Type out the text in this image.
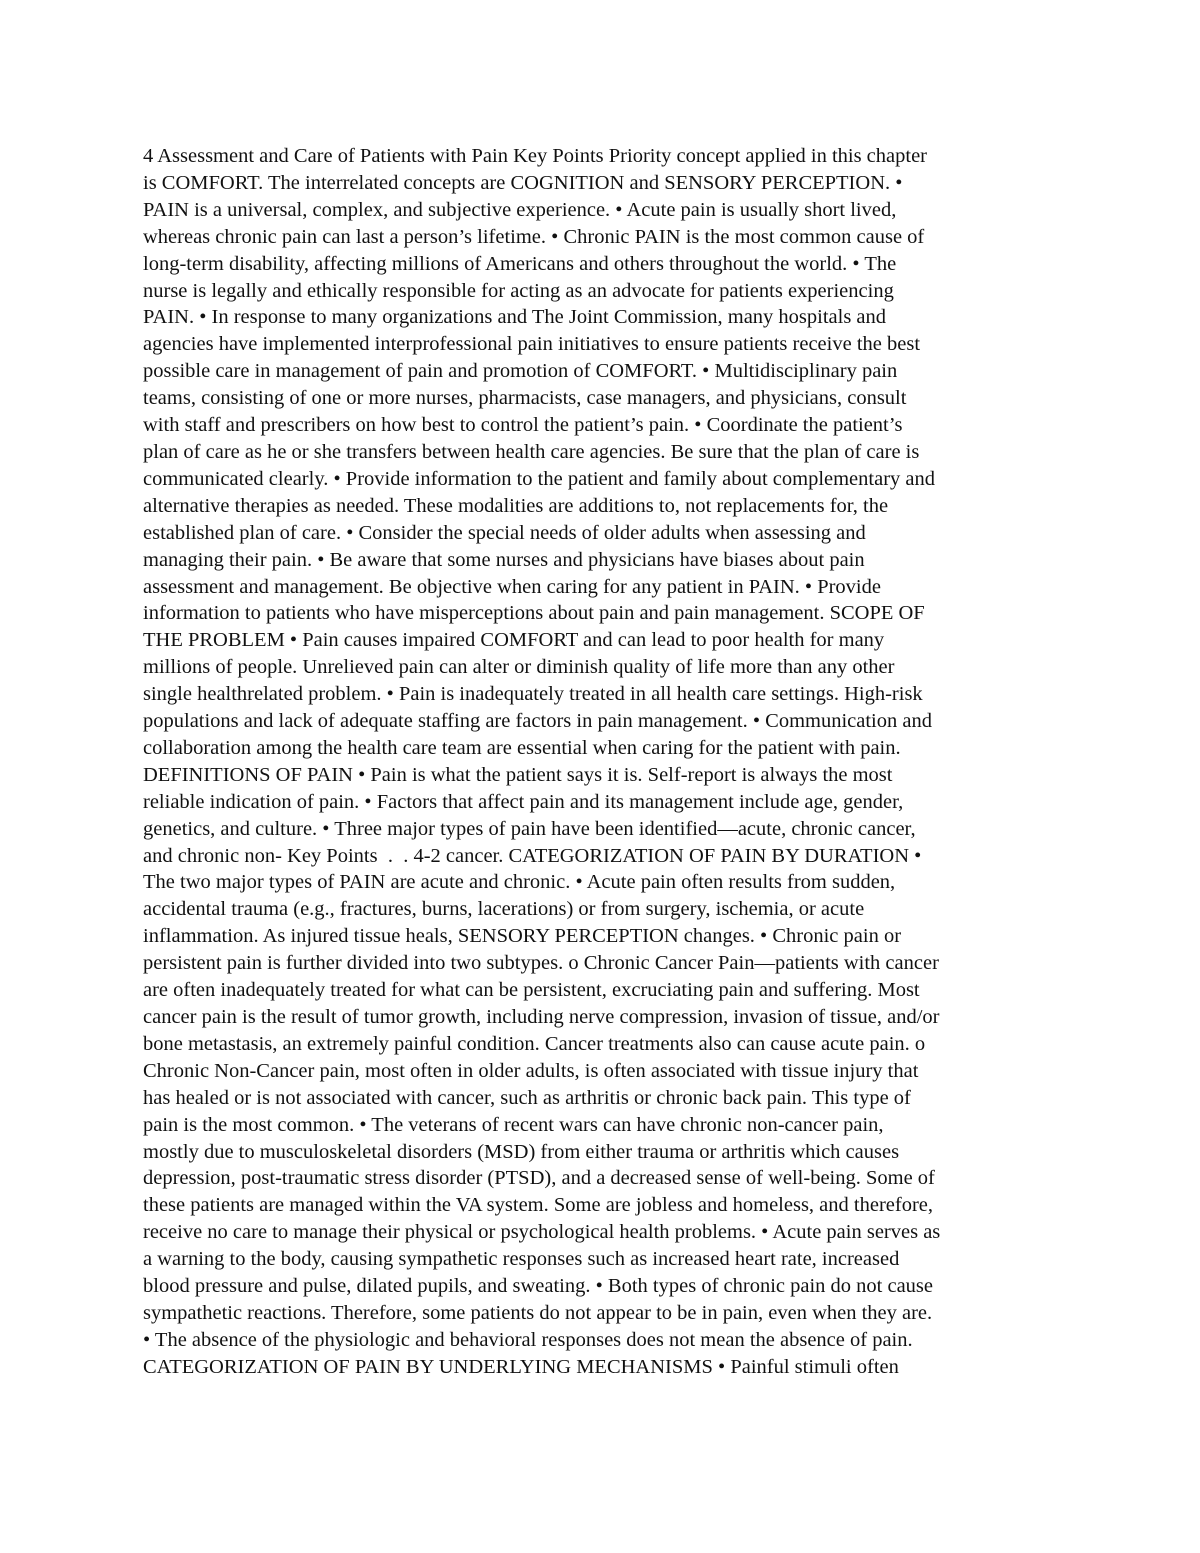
4 Assessment and Care of Patients with Pain Key Points Priority concept applied in this chapter
is COMFORT. The interrelated concepts are COGNITION and SENSORY PERCEPTION. •
PAIN is a universal, complex, and subjective experience. • Acute pain is usually short lived,
whereas chronic pain can last a person’s lifetime. • Chronic PAIN is the most common cause of
long-term disability, affecting millions of Americans and others throughout the world. • The
nurse is legally and ethically responsible for acting as an advocate for patients experiencing
PAIN. • In response to many organizations and The Joint Commission, many hospitals and
agencies have implemented interprofessional pain initiatives to ensure patients receive the best
possible care in management of pain and promotion of COMFORT. • Multidisciplinary pain
teams, consisting of one or more nurses, pharmacists, case managers, and physicians, consult
with staff and prescribers on how best to control the patient’s pain. • Coordinate the patient’s
plan of care as he or she transfers between health care agencies. Be sure that the plan of care is
communicated clearly. • Provide information to the patient and family about complementary and
alternative therapies as needed. These modalities are additions to, not replacements for, the
established plan of care. • Consider the special needs of older adults when assessing and
managing their pain. • Be aware that some nurses and physicians have biases about pain
assessment and management. Be objective when caring for any patient in PAIN. • Provide
information to patients who have misperceptions about pain and pain management. SCOPE OF
THE PROBLEM • Pain causes impaired COMFORT and can lead to poor health for many
millions of people. Unrelieved pain can alter or diminish quality of life more than any other
single healthrelated problem. • Pain is inadequately treated in all health care settings. High-risk
populations and lack of adequate staffing are factors in pain management. • Communication and
collaboration among the health care team are essential when caring for the patient with pain.
DEFINITIONS OF PAIN • Pain is what the patient says it is. Self-report is always the most
reliable indication of pain. • Factors that affect pain and its management include age, gender,
genetics, and culture. • Three major types of pain have been identified—acute, chronic cancer,
and chronic non- Key Points  .  . 4-2 cancer. CATEGORIZATION OF PAIN BY DURATION •
The two major types of PAIN are acute and chronic. • Acute pain often results from sudden,
accidental trauma (e.g., fractures, burns, lacerations) or from surgery, ischemia, or acute
inflammation. As injured tissue heals, SENSORY PERCEPTION changes. • Chronic pain or
persistent pain is further divided into two subtypes. o Chronic Cancer Pain—patients with cancer
are often inadequately treated for what can be persistent, excruciating pain and suffering. Most
cancer pain is the result of tumor growth, including nerve compression, invasion of tissue, and/or
bone metastasis, an extremely painful condition. Cancer treatments also can cause acute pain. o
Chronic Non-Cancer pain, most often in older adults, is often associated with tissue injury that
has healed or is not associated with cancer, such as arthritis or chronic back pain. This type of
pain is the most common. • The veterans of recent wars can have chronic non-cancer pain,
mostly due to musculoskeletal disorders (MSD) from either trauma or arthritis which causes
depression, post-traumatic stress disorder (PTSD), and a decreased sense of well-being. Some of
these patients are managed within the VA system. Some are jobless and homeless, and therefore,
receive no care to manage their physical or psychological health problems. • Acute pain serves as
a warning to the body, causing sympathetic responses such as increased heart rate, increased
blood pressure and pulse, dilated pupils, and sweating. • Both types of chronic pain do not cause
sympathetic reactions. Therefore, some patients do not appear to be in pain, even when they are.
• The absence of the physiologic and behavioral responses does not mean the absence of pain.
CATEGORIZATION OF PAIN BY UNDERLYING MECHANISMS • Painful stimuli often
